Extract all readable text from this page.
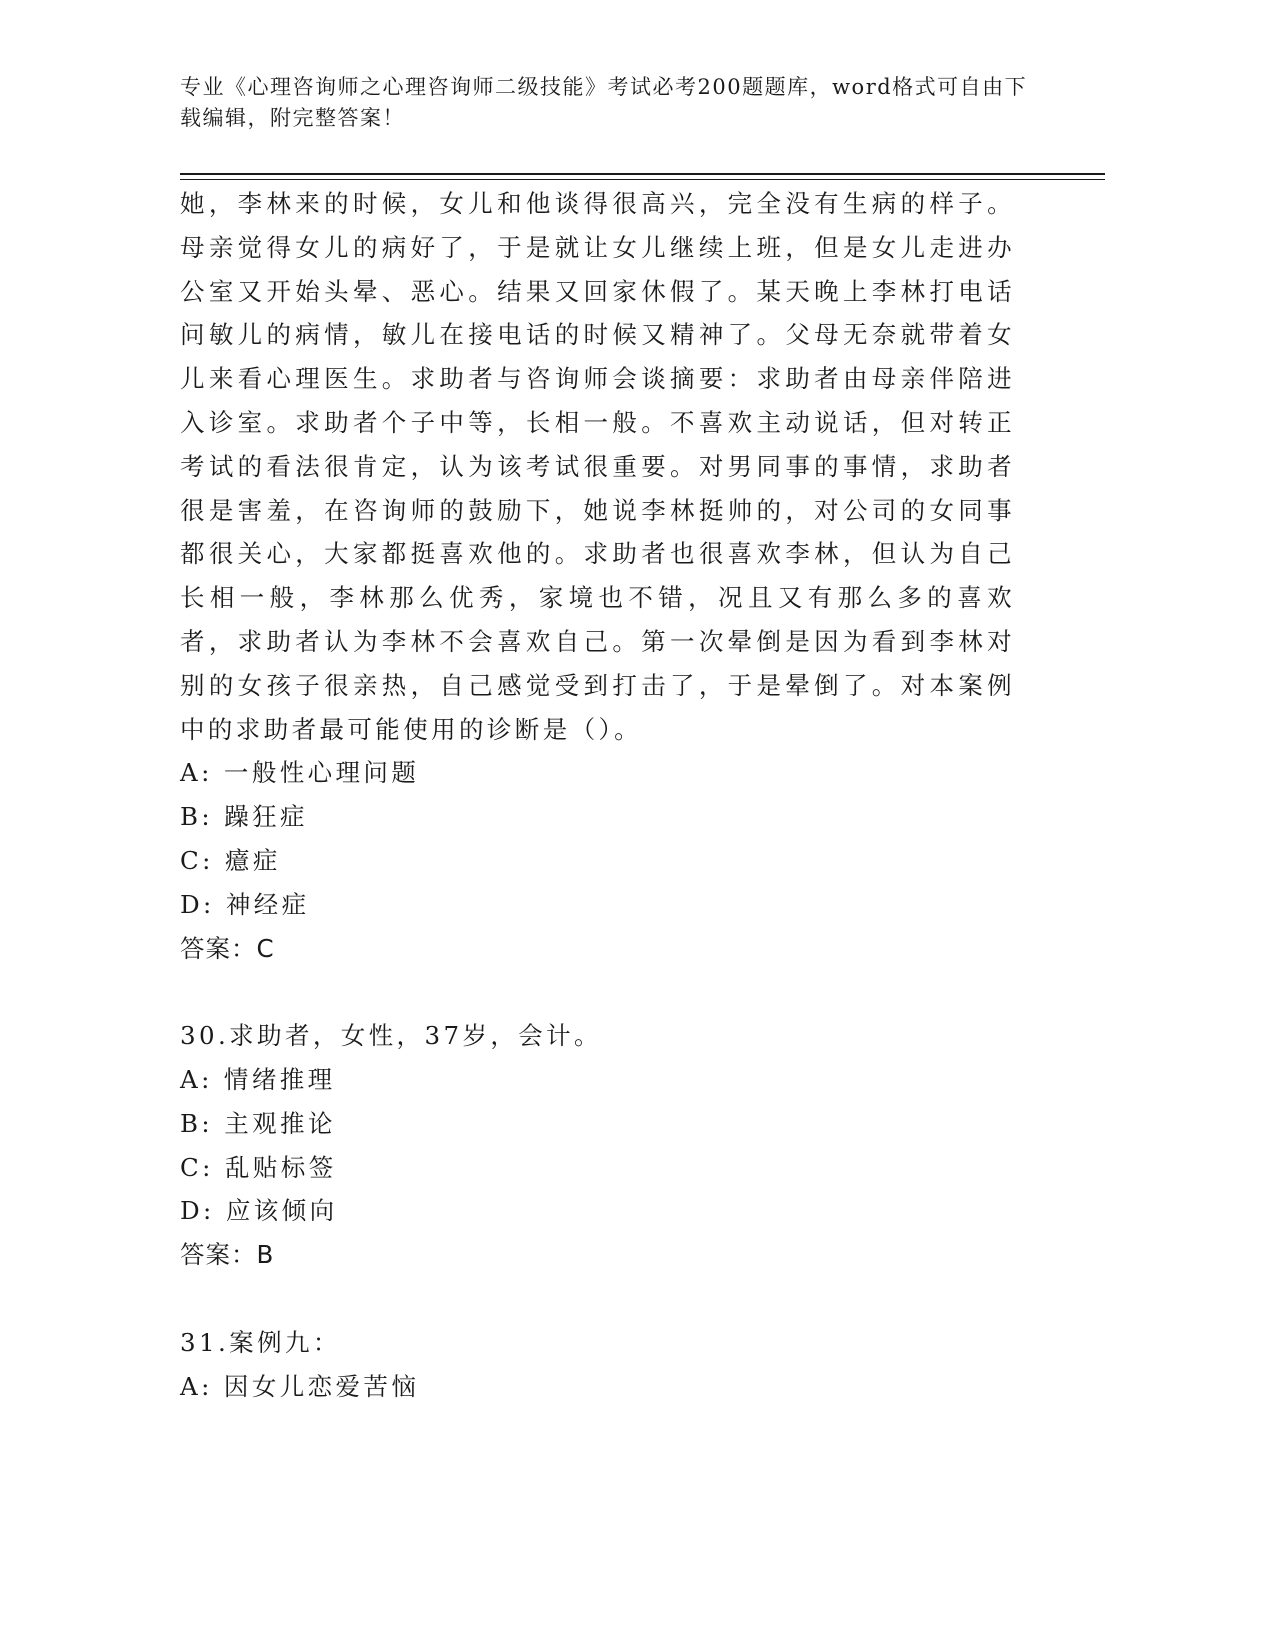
专业《心理咨询师之心理咨询师二级技能》考试必考200题题库，word格式可自由下载编辑，附完整答案！

她，李林来的时候，女儿和他谈得很高兴，完全没有生病的样子。母亲觉得女儿的病好了，于是就让女儿继续上班，但是女儿走进办公室又开始头晕、恶心。结果又回家休假了。某天晚上李林打电话问敏儿的病情，敏儿在接电话的时候又精神了。父母无奈就带着女儿来看心理医生。求助者与咨询师会谈摘要：求助者由母亲伴陪进入诊室。求助者个子中等，长相一般。不喜欢主动说话，但对转正考试的看法很肯定，认为该考试很重要。对男同事的事情，求助者很是害羞，在咨询师的鼓励下，她说李林挺帅的，对公司的女同事都很关心，大家都挺喜欢他的。求助者也很喜欢李林，但认为自己长相一般，李林那么优秀，家境也不错，况且又有那么多的喜欢者，求助者认为李林不会喜欢自己。第一次晕倒是因为看到李林对别的女孩子很亲热，自己感觉受到打击了，于是晕倒了。对本案例中的求助者最可能使用的诊断是（）。

A: 一般性心理问题

B: 躁狂症

C: 癔症

D: 神经症

答案：C

30.求助者，女性，37岁，会计。

A: 情绪推理

B: 主观推论

C: 乱贴标签

D: 应该倾向

答案：B

31.案例九：

A: 因女儿恋爱苦恼
